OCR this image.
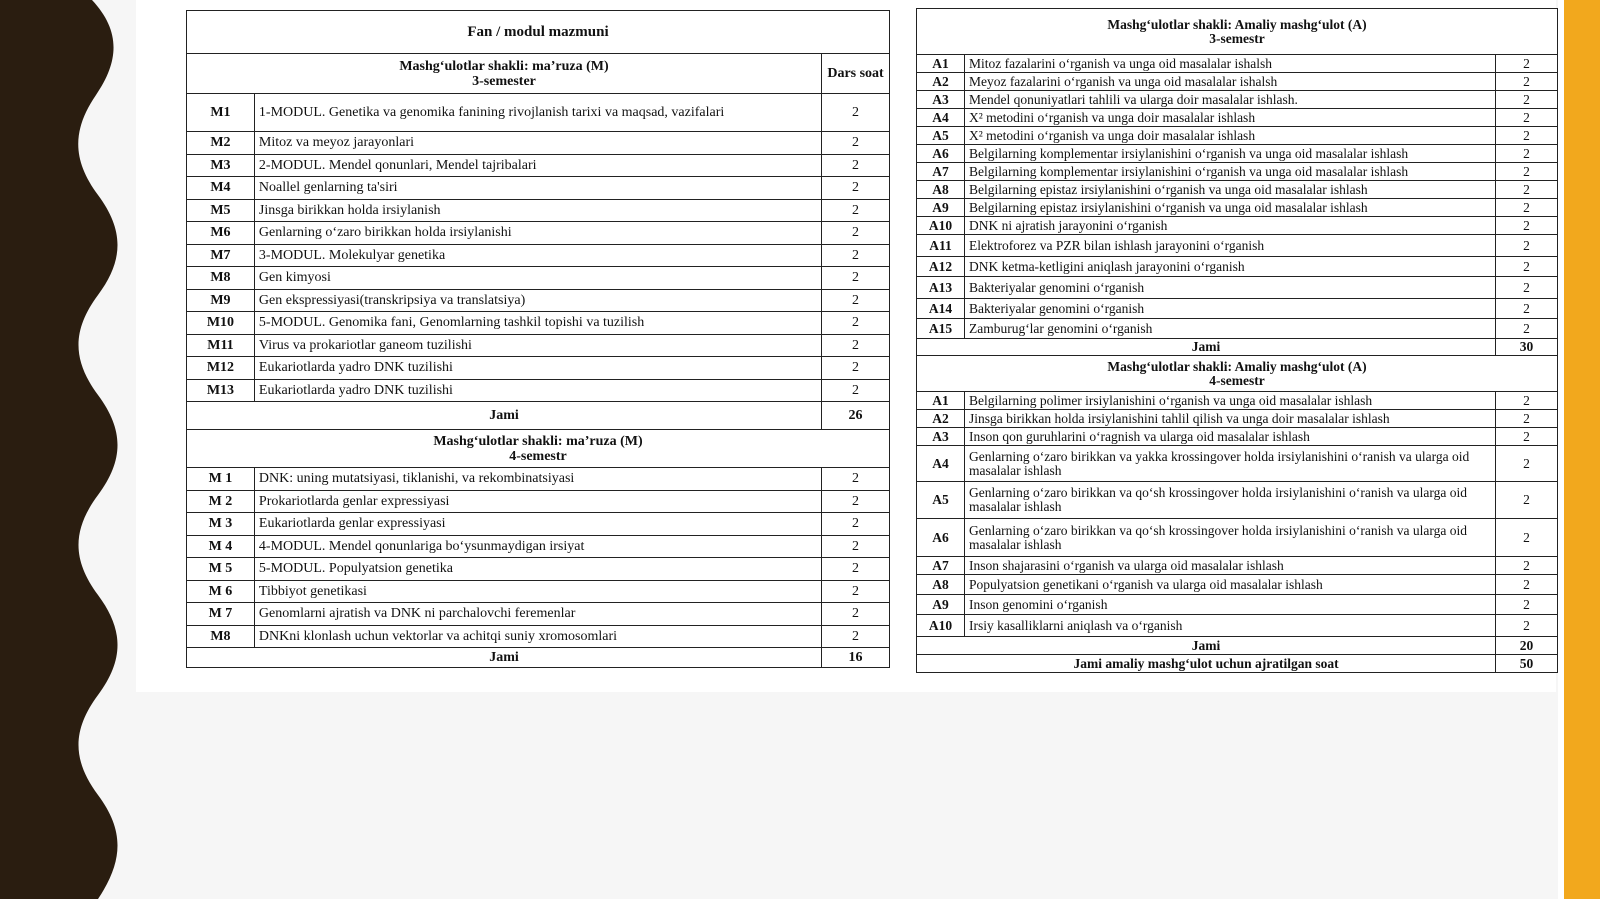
Fan / modul mazmuni		

Mashg‘ulotlar shakli: ma’ruza (M)
3-semester		Dars soat
M1	1-MODUL. Genetika va genomika fanining rivojlanish tarixi va maqsad, vazifalari	2
M2	Mitoz va meyoz jarayonlari	2
M3	2-MODUL. Mendel qonunlari, Mendel tajribalari	2
M4	Noallel genlarning ta'siri	2
M5	Jinsga birikkan holda irsiylanish	2
M6	Genlarning o‘zaro birikkan holda irsiylanishi	2
M7	3-MODUL. Molekulyar genetika	2
M8	Gen kimyosi	2
M9	Gen ekspressiyasi(transkripsiya va translatsiya)	2
M10	5-MODUL. Genomika fani, Genomlarning tashkil topishi va tuzilish	2
M11	Virus va prokariotlar ganeom tuzilishi	2
M12	Eukariotlarda yadro DNK tuzilishi	2
M13	Eukariotlarda yadro DNK tuzilishi	2
Jami		26

Mashg‘ulotlar shakli: ma’ruza (M)
4-semestr		

M 1	DNK: uning mutatsiyasi, tiklanishi, va rekombinatsiyasi	2
M 2	Prokariotlarda genlar expressiyasi	2
M 3	Eukariotlarda genlar expressiyasi	2
M 4	4-MODUL. Mendel qonunlariga bo‘ysunmaydigan irsiyat	2
M 5	5-MODUL. Populyatsion genetika	2
M 6	Tibbiyot genetikasi	2
M 7	Genomlarni ajratish va DNK ni parchalovchi feremenlar	2
M8	DNKni klonlash uchun vektorlar va achitqi suniy xromosomlari	2
Jami		16
Mashg‘ulotlar shakli: Amaliy mashg‘ulot (A)
3-semestr		

A1	Mitoz fazalarini o‘rganish va unga oid masalalar ishalsh	2
A2	Meyoz fazalarini o‘rganish va unga oid masalalar ishalsh	2
A3	Mendel qonuniyatlari tahlili va ularga doir masalalar ishlash.	2
A4	X² metodini o‘rganish va unga doir masalalar ishlash	2
A5	X² metodini o‘rganish va unga doir masalalar ishlash	2
A6	Belgilarning komplementar irsiylanishini o‘rganish va unga oid masalalar ishlash	2
A7	Belgilarning komplementar irsiylanishini o‘rganish va unga oid masalalar ishlash	2
A8	Belgilarning epistaz irsiylanishini o‘rganish va unga oid masalalar ishlash	2
A9	Belgilarning epistaz irsiylanishini o‘rganish va unga oid masalalar ishlash	2
A10	DNK ni ajratish jarayonini o‘rganish	2
A11	Elektroforez va PZR bilan ishlash jarayonini o‘rganish	2
A12	DNK ketma-ketligini aniqlash jarayonini o‘rganish	2
A13	Bakteriyalar genomini o‘rganish	2
A14	Bakteriyalar genomini o‘rganish	2
A15	Zamburug‘lar genomini o‘rganish	2
Jami		30

Mashg‘ulotlar shakli: Amaliy mashg‘ulot (A)
4-semestr		

A1	Belgilarning polimer irsiylanishini o‘rganish va unga oid masalalar ishlash	2
A2	Jinsga birikkan holda irsiylanishini tahlil qilish va unga doir masalalar ishlash	2
A3	Inson qon guruhlarini o‘ragnish va ularga oid masalalar ishlash	2
A4	Genlarning o‘zaro birikkan va yakka krossingover holda irsiylanishini o‘ranish va ularga oid masalalar ishlash	2
A5	Genlarning o‘zaro birikkan va qo‘sh krossingover holda irsiylanishini o‘ranish va ularga oid masalalar ishlash	2
A6	Genlarning o‘zaro birikkan va qo‘sh krossingover holda irsiylanishini o‘ranish va ularga oid masalalar ishlash	2
A7	Inson shajarasini o‘rganish va ularga oid masalalar ishlash	2
A8	Populyatsion genetikani o‘rganish va ularga oid masalalar ishlash	2
A9	Inson genomini o‘rganish	2
A10	Irsiy kasalliklarni aniqlash va o‘rganish	2
Jami		20
Jami amaliy mashg‘ulot uchun ajratilgan soat		50
